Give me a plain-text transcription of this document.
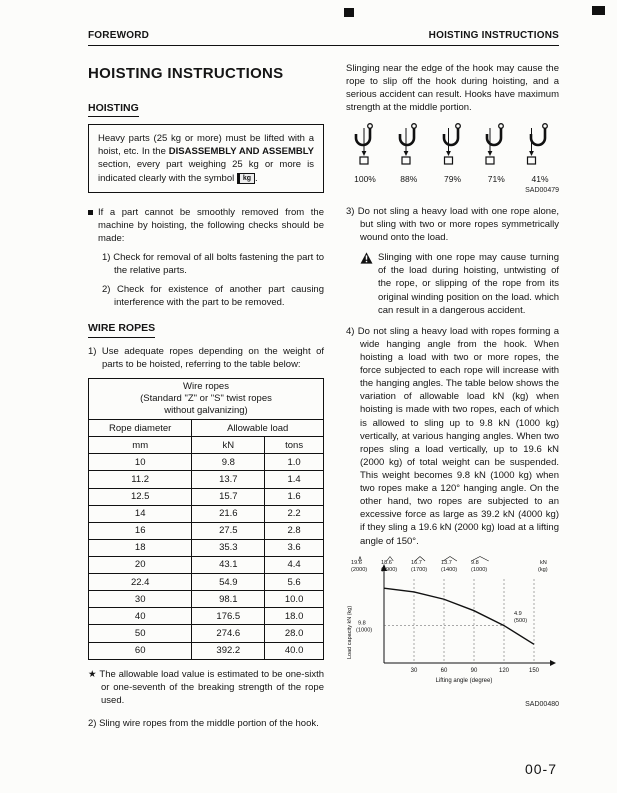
FOREWORD	HOISTING INSTRUCTIONS
HOISTING INSTRUCTIONS
HOISTING
Heavy parts (25 kg or more) must be lifted with a hoist, etc. In the DISASSEMBLY AND ASSEMBLY section, every part weighing 25 kg or more is indicated clearly with the symbol kg .
If a part cannot be smoothly removed from the machine by hoisting, the following checks should be made:

1) Check for removal of all bolts fastening the part to the relative parts.

2) Check for existence of another part causing interference with the part to be removed.

WIRE ROPES

1) Use adequate ropes depending on the weight of parts to be hoisted, referring to the table below:

Wire ropes
(Standard "Z" or "S" twist ropes
without galvanizing)		

Rope diameter	Allowable load	
mm	kN	tons
10	9.8	1.0
11.2	13.7	1.4
12.5	15.7	1.6
14	21.6	2.2
16	27.5	2.8
18	35.3	3.6
20	43.1	4.4
22.4	54.9	5.6
30	98.1	10.0
40	176.5	18.0
50	274.6	28.0
60	392.2	40.0

★ The allowable load value is estimated to be one-sixth or one-seventh of the breaking strength of the rope used.

2) Sling wire ropes from the middle portion of the hook.

Slinging near the edge of the hook may cause the rope to slip off the hook during hoisting, and a serious accident can result. Hooks have maximum strength at the middle portion.

100%	88%	79%	71%	41%
SAD00479

3) Do not sling a heavy load with one rope alone, but sling with two or more ropes symmetrically wound onto the load.

Slinging with one rope may cause turning of the load during hoisting, untwisting of the rope, or slipping of the rope from its original winding position on the load. which can result in a dangerous accident.

4) Do not sling a heavy load with ropes forming a wide hanging angle from the hook. When hoisting a load with two or more ropes, the force subjected to each rope will increase with the hanging angles. The table below shows the variation of allowable load kN (kg) when hoisting is made with two ropes, each of which is allowed to sling up to 9.8 kN (1000 kg) vertically, at various hanging angles. When two ropes sling a load vertically, up to 19.6 kN (2000 kg) of total weight can be suspended. This weight becomes 9.8 kN (1000 kg) when two ropes make a 120° hanging angle. On the other hand, two ropes are subjected to an excessive force as large as 39.2 kN (4000 kg) if they sling a 19.6 kN (2000 kg) load at a lifting angle of 150°.

30	60	90	120	150
19.6
(2000)
18.6
(1900)
16.7
(1700)
13.7
(1400)
9.8
(1000)
4.9
(500)
kN
(kg)
9.8
(1000)
Lifting angle (degree)
Load capacity kN (kg)
SAD00480
00-7
